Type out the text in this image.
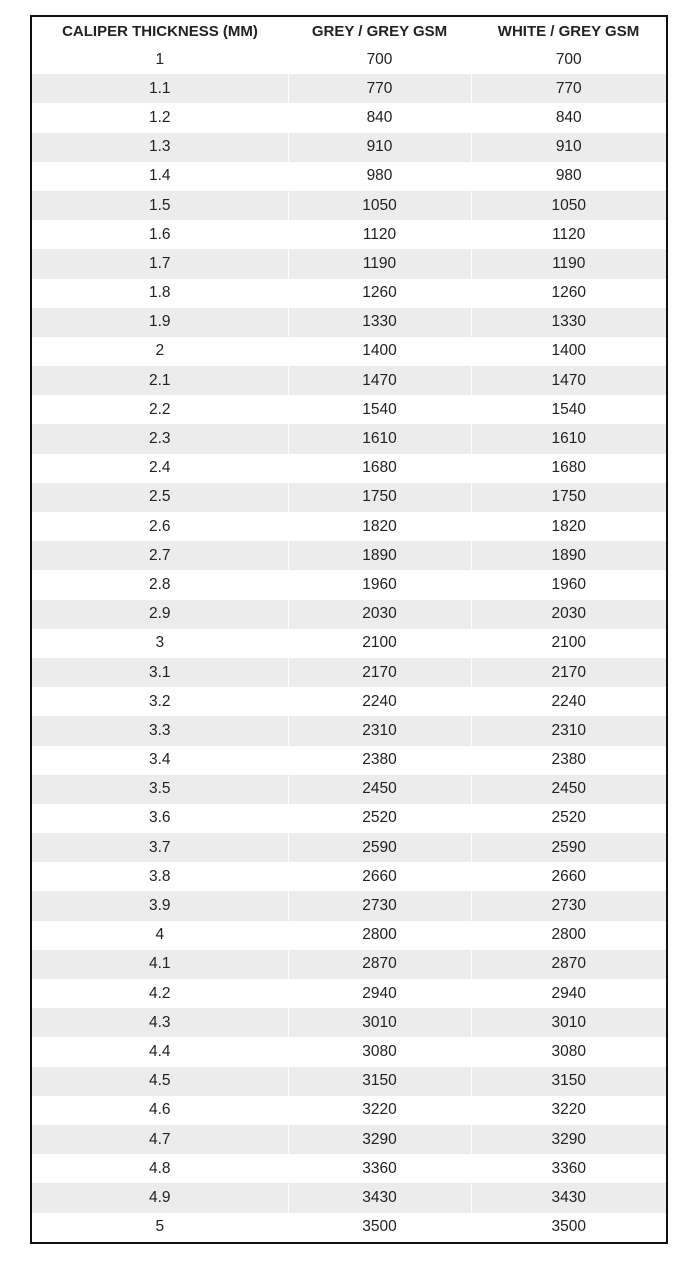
CALIPER THICKNESS (MM)	GREY / GREY GSM	WHITE / GREY GSM
1	700	700
1.1	770	770
1.2	840	840
1.3	910	910
1.4	980	980
1.5	1050	1050
1.6	1120	1120
1.7	1190	1190
1.8	1260	1260
1.9	1330	1330
2	1400	1400
2.1	1470	1470
2.2	1540	1540
2.3	1610	1610
2.4	1680	1680
2.5	1750	1750
2.6	1820	1820
2.7	1890	1890
2.8	1960	1960
2.9	2030	2030
3	2100	2100
3.1	2170	2170
3.2	2240	2240
3.3	2310	2310
3.4	2380	2380
3.5	2450	2450
3.6	2520	2520
3.7	2590	2590
3.8	2660	2660
3.9	2730	2730
4	2800	2800
4.1	2870	2870
4.2	2940	2940
4.3	3010	3010
4.4	3080	3080
4.5	3150	3150
4.6	3220	3220
4.7	3290	3290
4.8	3360	3360
4.9	3430	3430
5	3500	3500
